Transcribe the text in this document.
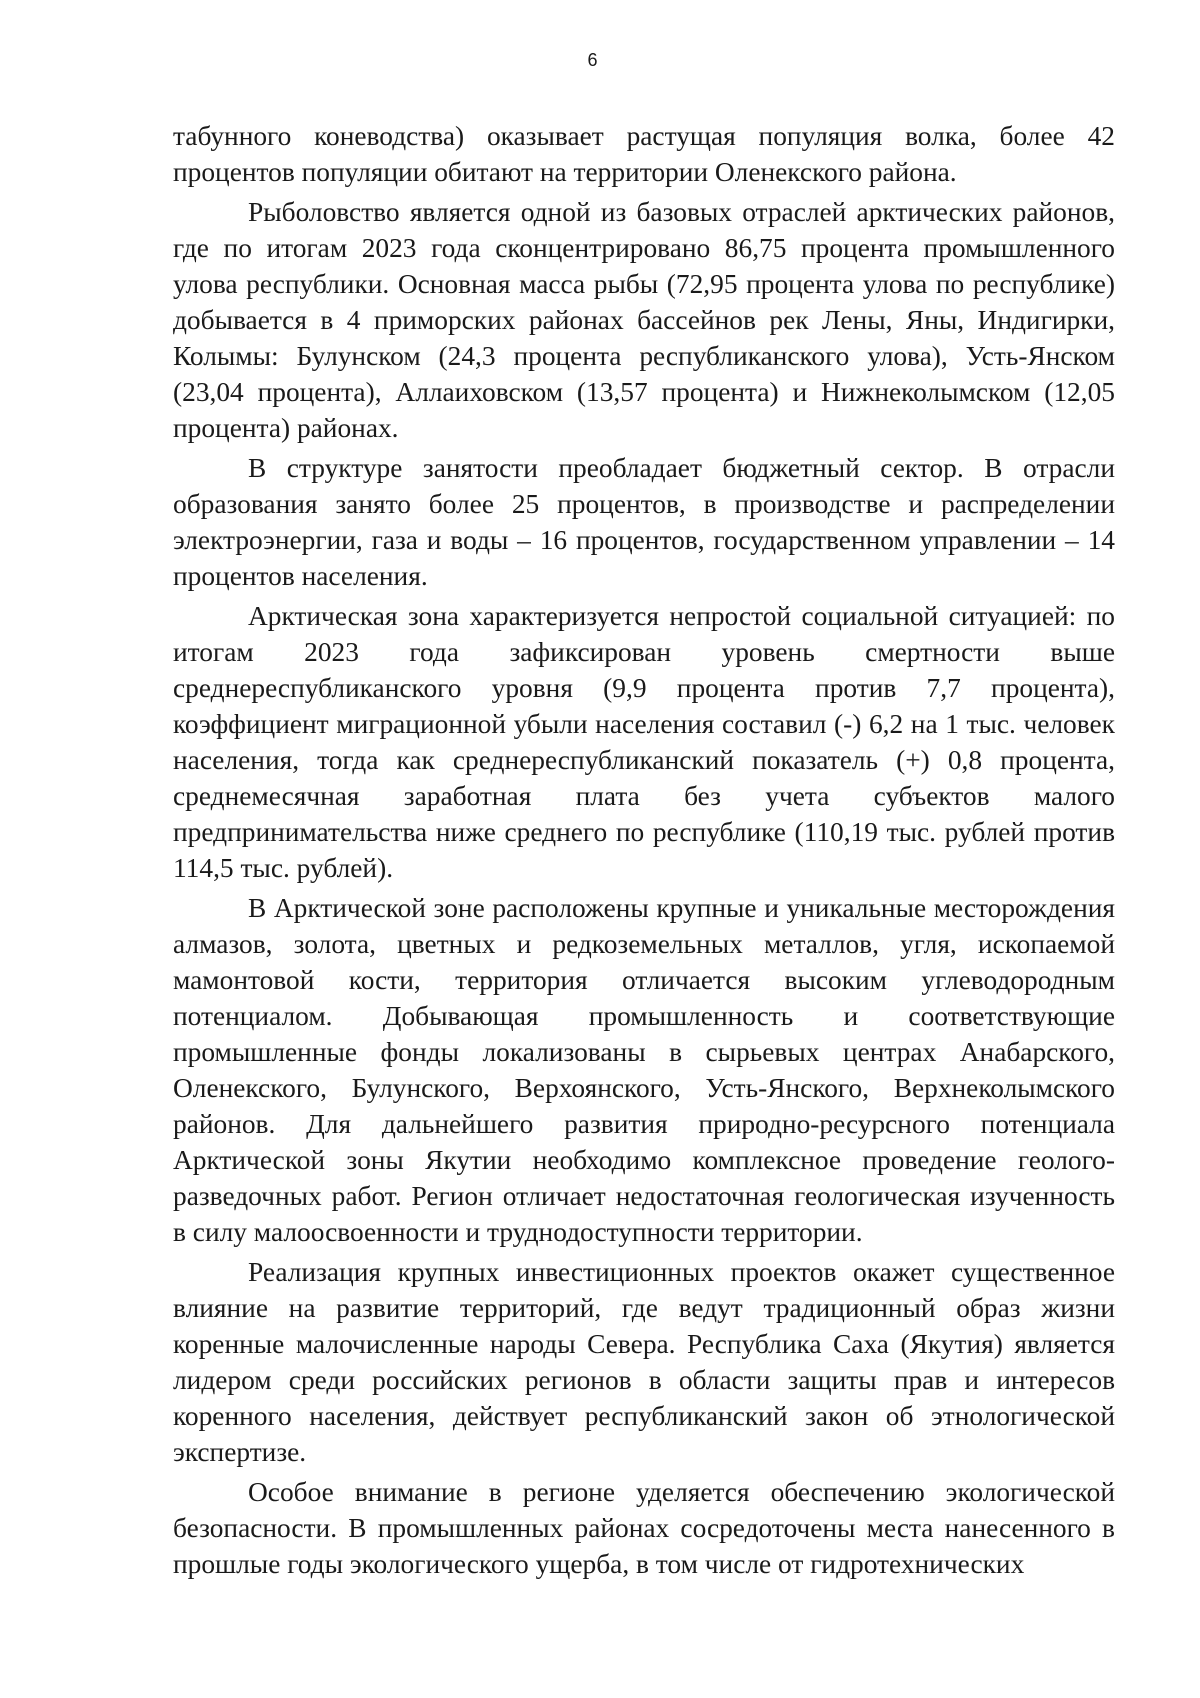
6

табунного коневодства) оказывает растущая популяция волка, более 42 процентов популяции обитают на территории Оленекского района.

Рыболовство является одной из базовых отраслей арктических районов, где по итогам 2023 года сконцентрировано 86,75 процента промышленного улова республики. Основная масса рыбы (72,95 процента улова по республике) добывается в 4 приморских районах бассейнов рек Лены, Яны, Индигирки, Колымы: Булунском (24,3 процента республиканского улова), Усть-Янском (23,04 процента), Аллаиховском (13,57 процента) и Нижнеколымском (12,05 процента) районах.

В структуре занятости преобладает бюджетный сектор. В отрасли образования занято более 25 процентов, в производстве и распределении электроэнергии, газа и воды – 16 процентов, государственном управлении – 14 процентов населения.

Арктическая зона характеризуется непростой социальной ситуацией: по итогам 2023 года зафиксирован уровень смертности выше среднереспубликанского уровня (9,9 процента против 7,7 процента), коэффициент миграционной убыли населения составил (-) 6,2 на 1 тыс. человек населения, тогда как среднереспубликанский показатель (+) 0,8 процента, среднемесячная заработная плата без учета субъектов малого предпринимательства ниже среднего по республике (110,19 тыс. рублей против 114,5 тыс. рублей).

В Арктической зоне расположены крупные и уникальные месторождения алмазов, золота, цветных и редкоземельных металлов, угля, ископаемой мамонтовой кости, территория отличается высоким углеводородным потенциалом. Добывающая промышленность и соответствующие промышленные фонды локализованы в сырьевых центрах Анабарского, Оленекского, Булунского, Верхоянского, Усть-Янского, Верхнеколымского районов. Для дальнейшего развития природно-ресурсного потенциала Арктической зоны Якутии необходимо комплексное проведение геолого-разведочных работ. Регион отличает недостаточная геологическая изученность в силу малоосвоенности и труднодоступности территории.

Реализация крупных инвестиционных проектов окажет существенное влияние на развитие территорий, где ведут традиционный образ жизни коренные малочисленные народы Севера. Республика Саха (Якутия) является лидером среди российских регионов в области защиты прав и интересов коренного населения, действует республиканский закон об этнологической экспертизе.

Особое внимание в регионе уделяется обеспечению экологической безопасности. В промышленных районах сосредоточены места нанесенного в прошлые годы экологического ущерба, в том числе от гидротехнических
